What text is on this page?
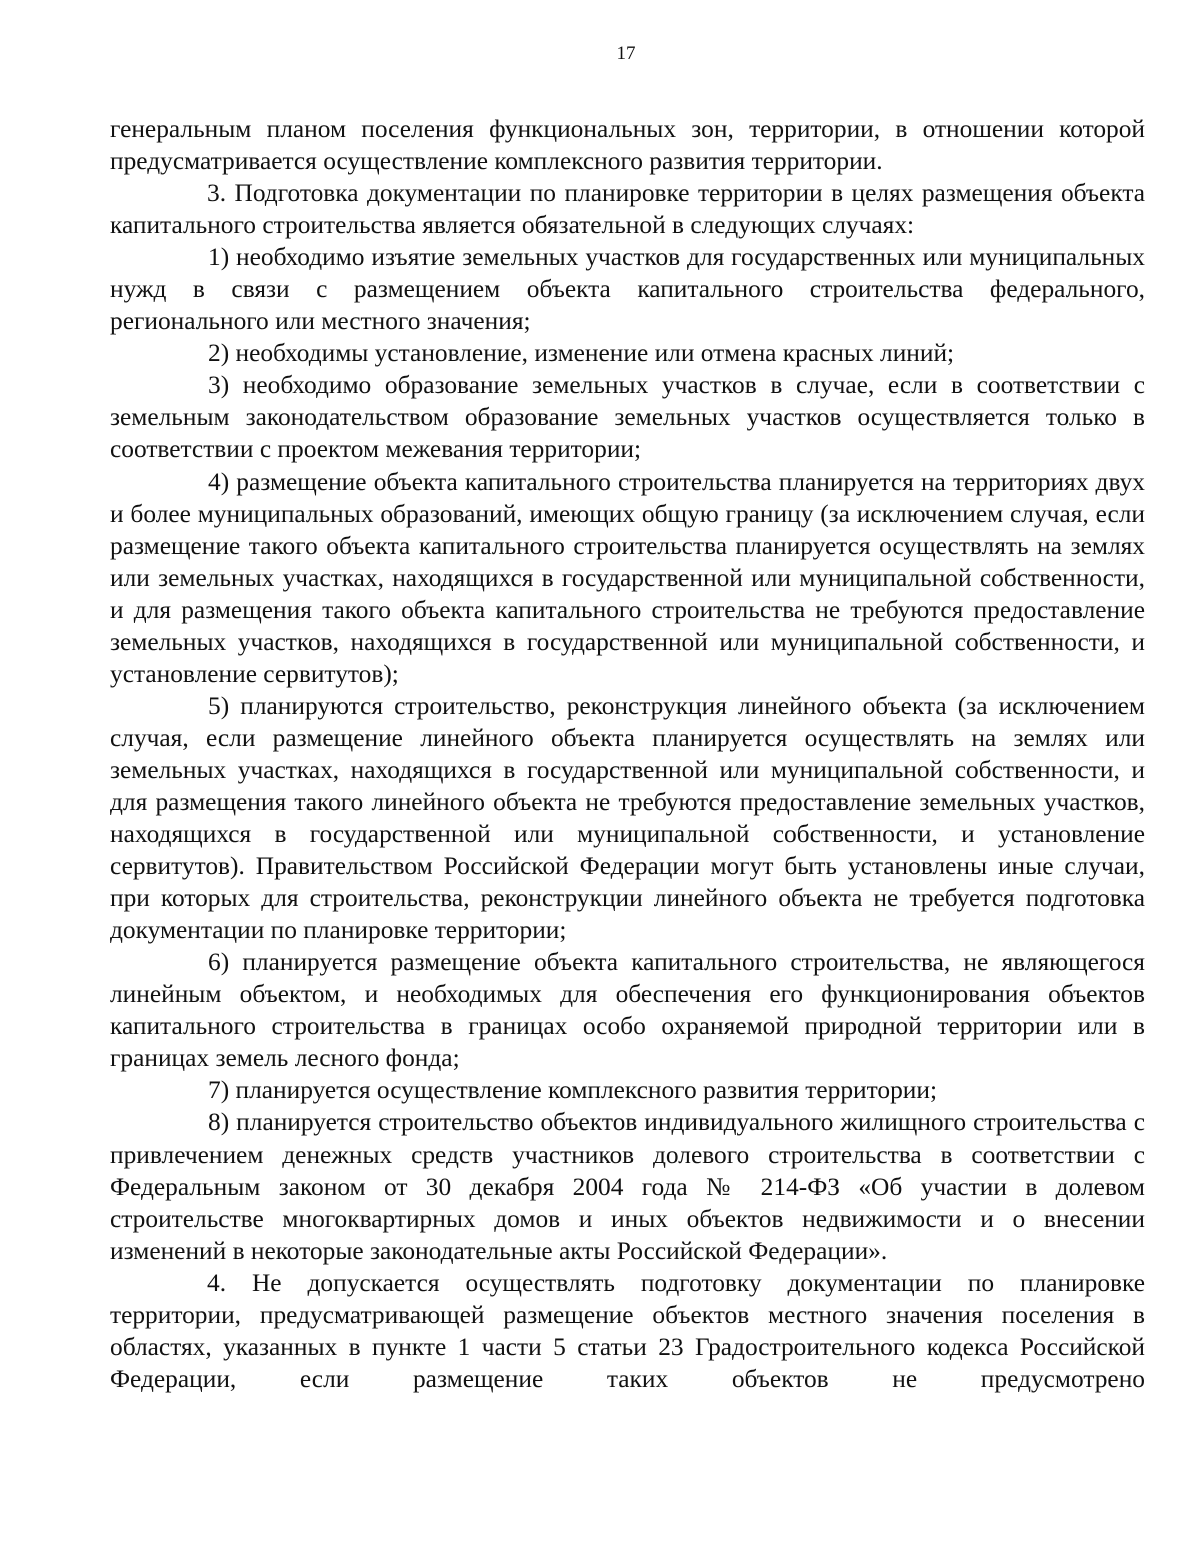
17

генеральным планом поселения функциональных зон, территории, в отношении которой предусматривается осуществление комплексного развития территории.

3. Подготовка документации по планировке территории в целях размещения объекта капитального строительства является обязательной в следующих случаях:

1) необходимо изъятие земельных участков для государственных или муниципальных нужд в связи с размещением объекта капитального строительства федерального, регионального или местного значения;

2) необходимы установление, изменение или отмена красных линий;

3) необходимо образование земельных участков в случае, если в соответствии с земельным законодательством образование земельных участков осуществляется только в соответствии с проектом межевания территории;

4) размещение объекта капитального строительства планируется на территориях двух и более муниципальных образований, имеющих общую границу (за исключением случая, если размещение такого объекта капитального строительства планируется осуществлять на землях или земельных участках, находящихся в государственной или муниципальной собственности, и для размещения такого объекта капитального строительства не требуются предоставление земельных участков, находящихся в государственной или муниципальной собственности, и установление сервитутов);

5) планируются строительство, реконструкция линейного объекта (за исключением случая, если размещение линейного объекта планируется осуществлять на землях или земельных участках, находящихся в государственной или муниципальной собственности, и для размещения такого линейного объекта не требуются предоставление земельных участков, находящихся в государственной или муниципальной собственности, и установление сервитутов). Правительством Российской Федерации могут быть установлены иные случаи, при которых для строительства, реконструкции линейного объекта не требуется подготовка документации по планировке территории;

6) планируется размещение объекта капитального строительства, не являющегося линейным объектом, и необходимых для обеспечения его функционирования объектов капитального строительства в границах особо охраняемой природной территории или в границах земель лесного фонда;

7) планируется осуществление комплексного развития территории;

8) планируется строительство объектов индивидуального жилищного строительства с привлечением денежных средств участников долевого строительства в соответствии с Федеральным законом от 30 декабря 2004 года № 214-ФЗ «Об участии в долевом строительстве многоквартирных домов и иных объектов недвижимости и о внесении изменений в некоторые законодательные акты Российской Федерации».

4. Не допускается осуществлять подготовку документации по планировке территории, предусматривающей размещение объектов местного значения поселения в областях, указанных в пункте 1 части 5 статьи 23 Градостроительного кодекса Российской Федерации, если размещение таких объектов не предусмотрено
